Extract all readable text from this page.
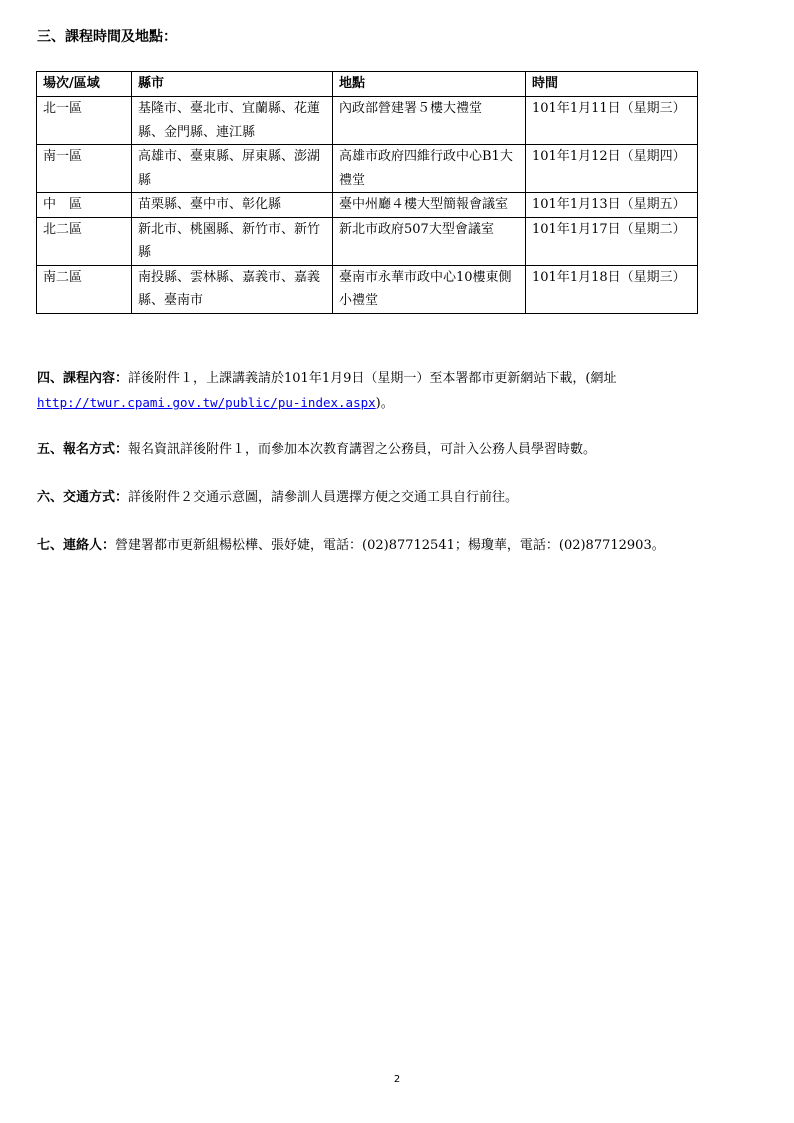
三、課程時間及地點：
場次/區域	縣市	地點	時間
北一區	基隆市、臺北市、宜蘭縣、花蓮縣、金門縣、連江縣	內政部營建署５樓大禮堂	101年1月11日（星期三）
南一區	高雄市、臺東縣、屏東縣、澎湖縣	高雄市政府四維行政中心B1大禮堂	101年1月12日（星期四）
中　區	苗栗縣、臺中市、彰化縣	臺中州廳４樓大型簡報會議室	101年1月13日（星期五）
北二區	新北市、桃園縣、新竹市、新竹縣	新北市政府507大型會議室	101年1月17日（星期二）
南二區	南投縣、雲林縣、嘉義市、嘉義縣、臺南市	臺南市永華市政中心10樓東側小禮堂	101年1月18日（星期三）

四、課程內容：詳後附件１，上課講義請於101年1月9日（星期一）至本署都市更新網站下載，(網址http://twur.cpami.gov.tw/public/pu-index.aspx)。

五、報名方式：報名資訊詳後附件１，而參加本次教育講習之公務員，可計入公務人員學習時數。

六、交通方式：詳後附件２交通示意圖，請參訓人員選擇方便之交通工具自行前往。

七、連絡人：營建署都市更新組楊松樺、張妤婕，電話：(02)87712541；楊瓊華，電話：(02)87712903。

2
